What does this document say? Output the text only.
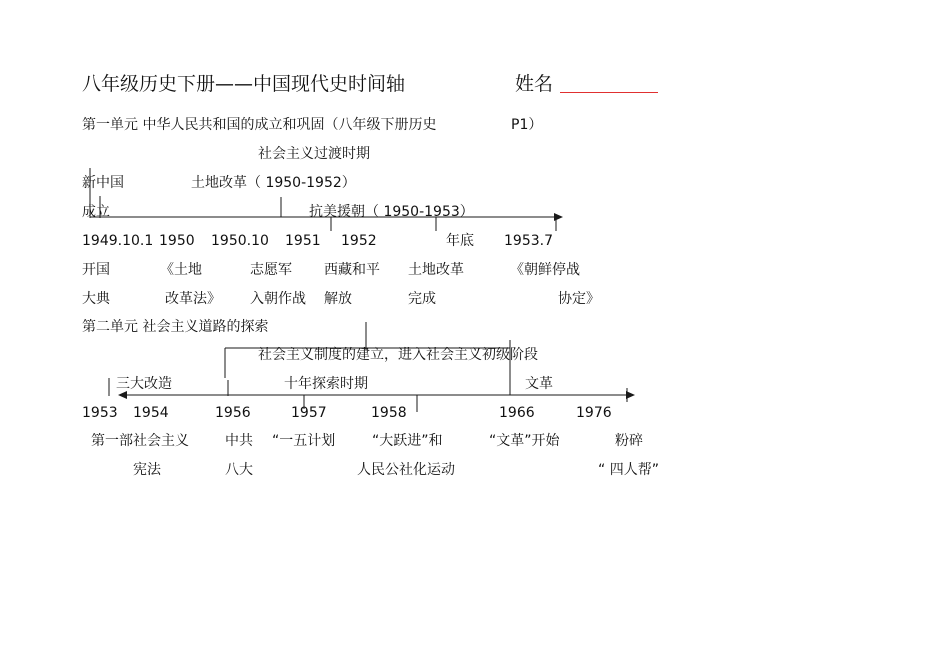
八年级历史下册——中国现代史时间轴	姓名
第一单元 中华人民共和国的成立和巩固（八年级下册历史	P1）
社会主义过渡时期
新中国
成立
土地改革（ 1950-1952）
抗美援朝（ 1950-1953）
1949.10.1 1950 1950.10 1951 1952	年底 1953.7
开国	《土地	志愿军 西藏和平 土地改革	《朝鲜停战
大典	改革法》 入朝作战 解放	完成	协定》
第二单元 社会主义道路的探索
社会主义制度的建立，进入社会主义初级阶段
三大改造	十年探索时期	文革
1953 1954	1956	1957	1958	1966	1976
第一部社会主义	中共 “一五计划	“大跃进”和	“文革”开始	粉碎
宪法	八大	人民公社化运动	“ 四人帮”
